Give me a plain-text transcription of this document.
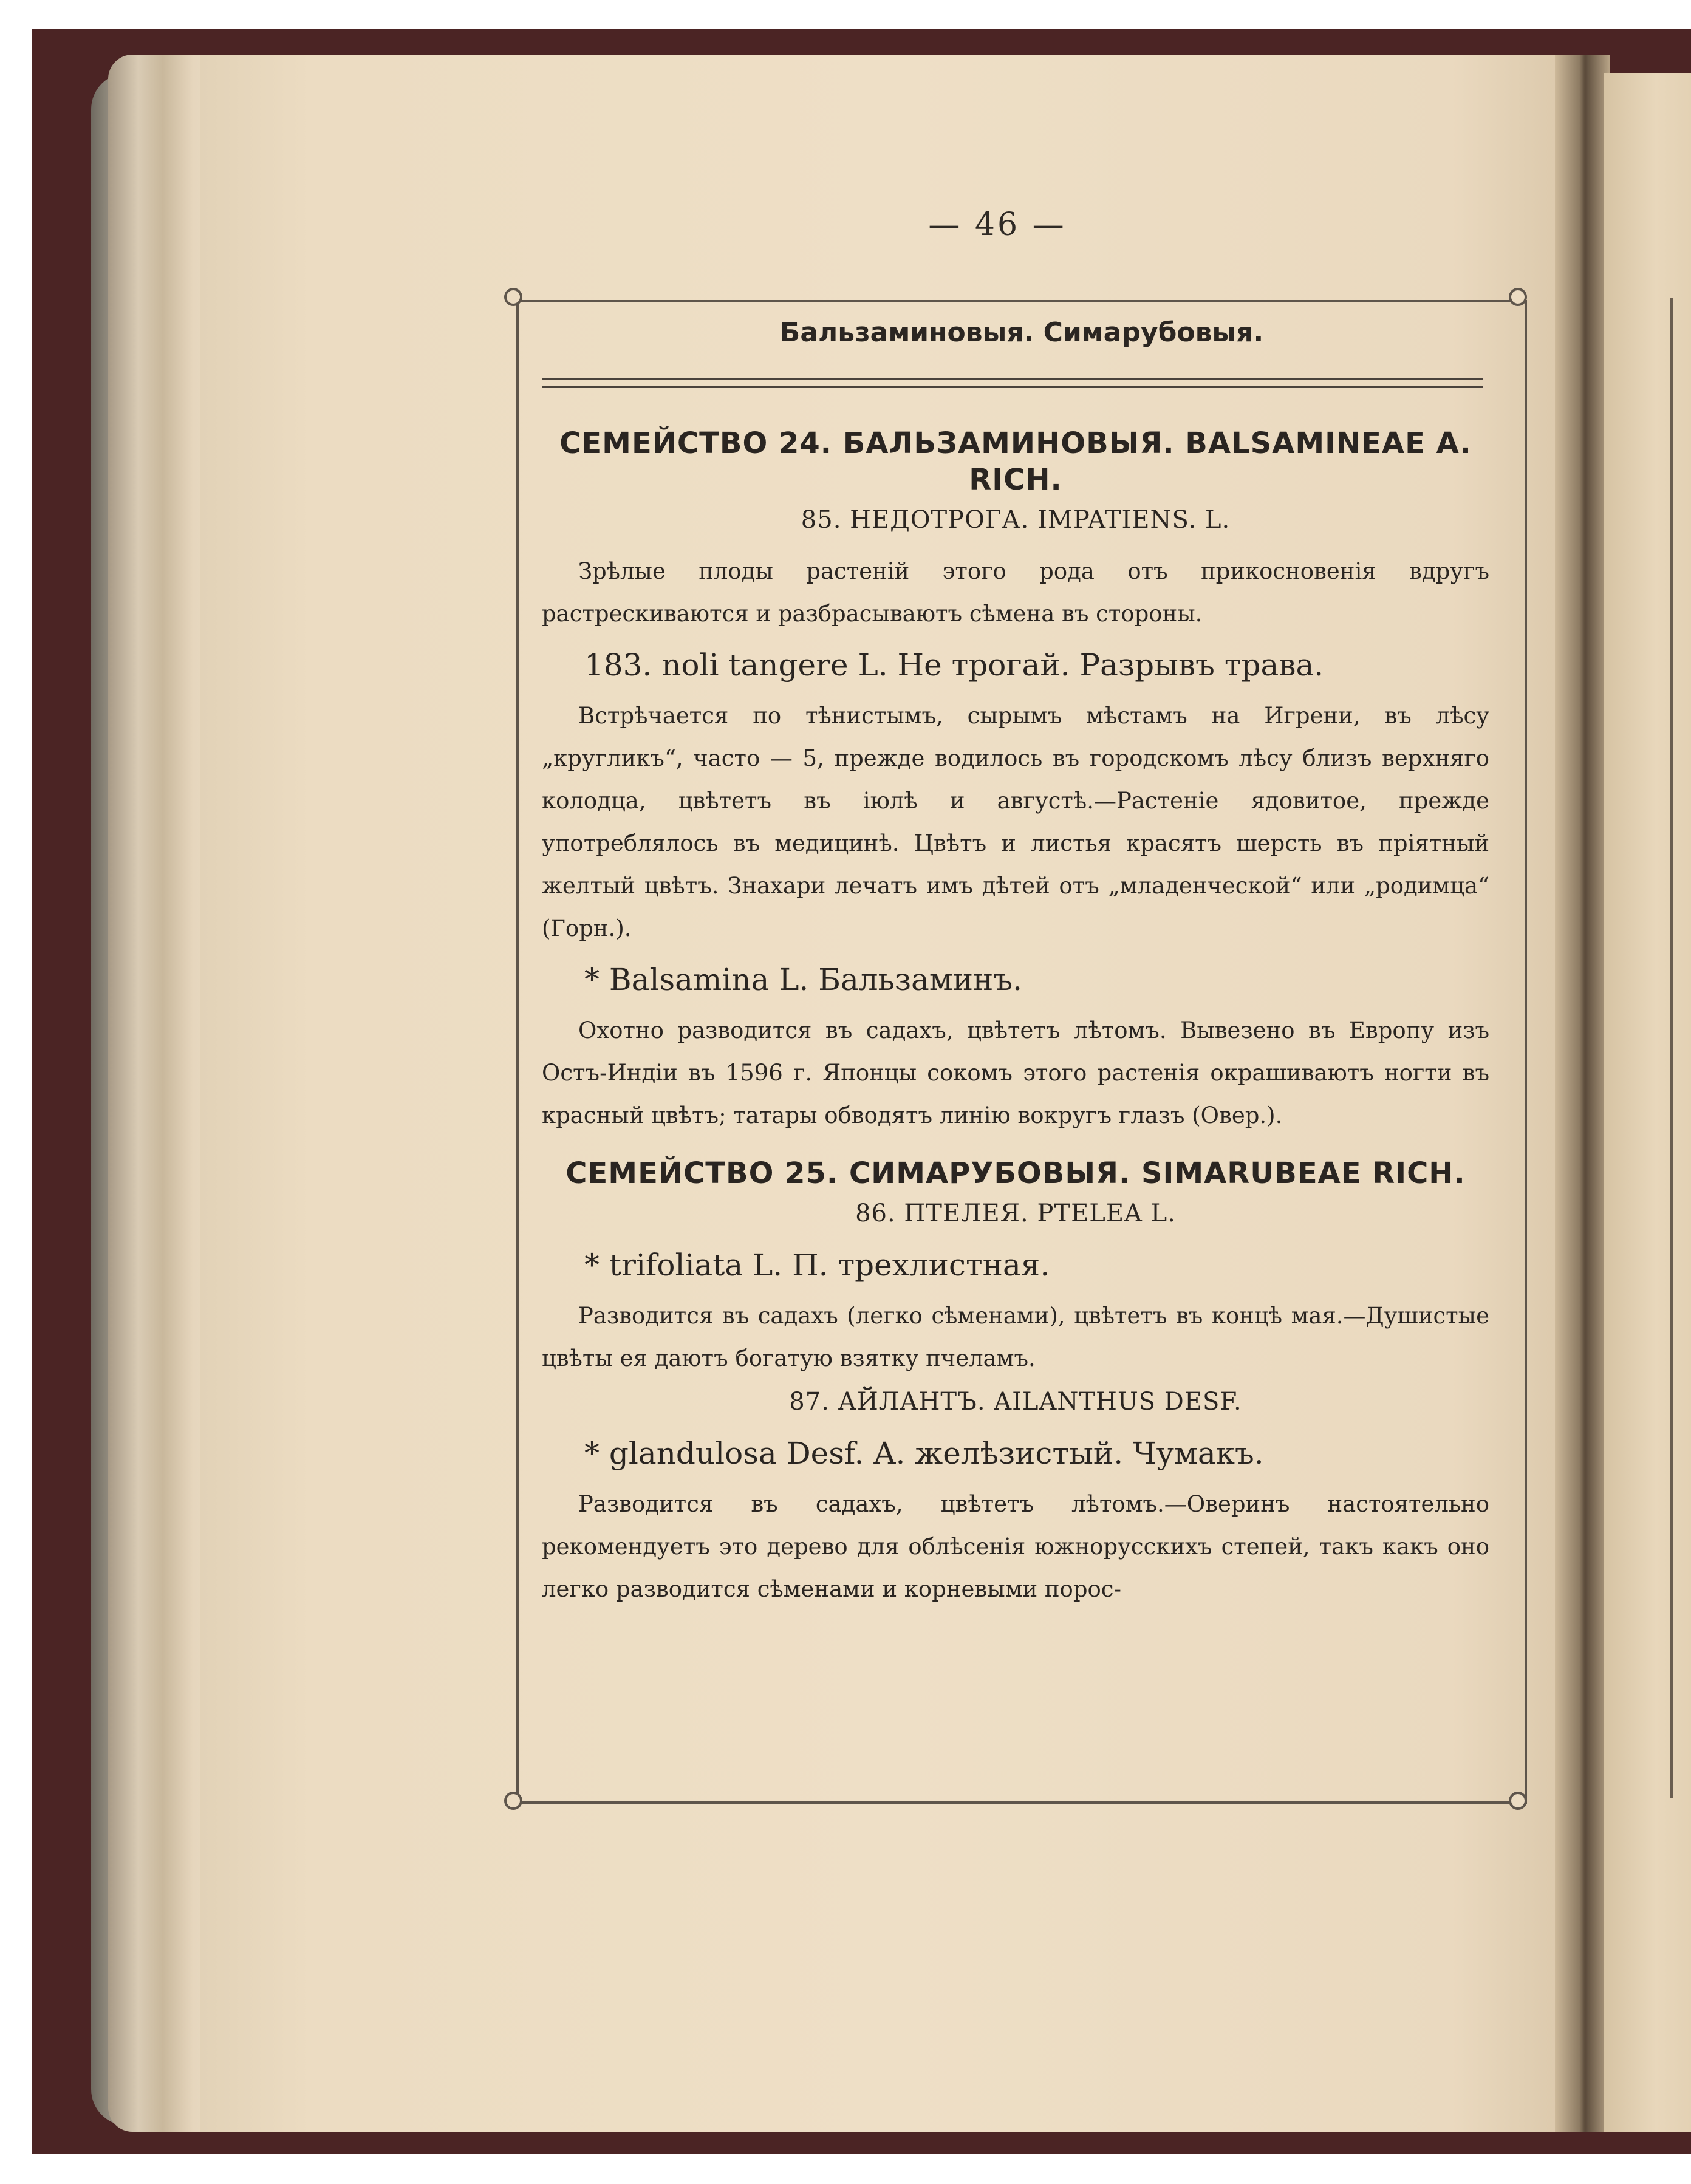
— 46 —
Бальзаминовыя. Симарубовыя.

СЕМЕЙСТВО 24. БАЛЬЗАМИНОВЫЯ. BALSAMINEAE A. RICH.

85. НЕДОТРОГА. IMPATIENS. L.

Зрѣлые плоды растеній этого рода отъ прикосновенія вдругъ растрескиваются и разбрасываютъ сѣмена въ стороны.

183. noli tangere L. Не трогай. Разрывъ трава.

Встрѣчается по тѣнистымъ, сырымъ мѣстамъ на Игрени, въ лѣсу „кругликъ“, часто — 5, прежде водилось въ городскомъ лѣсу близъ верхняго колодца, цвѣтетъ въ іюлѣ и августѣ.—Растеніе ядовитое, прежде употреблялось въ медицинѣ. Цвѣтъ и листья красятъ шерсть въ пріятный желтый цвѣтъ. Знахари лечатъ имъ дѣтей отъ „младенческой“ или „родимца“ (Горн.).

* Balsamina L. Бальзаминъ.

Охотно разводится въ садахъ, цвѣтетъ лѣтомъ. Вывезено въ Европу изъ Остъ-Индіи въ 1596 г. Японцы сокомъ этого растенія окрашиваютъ ногти въ красный цвѣтъ; татары обводятъ линію вокругъ глазъ (Овер.).

СЕМЕЙСТВО 25. СИМАРУБОВЫЯ. SIMARUBEAE RICH.

86. ПТЕЛЕЯ. PTELEA L.

* trifoliata L. П. трехлистная.

Разводится въ садахъ (легко сѣменами), цвѣтетъ въ концѣ мая.—Душистые цвѣты ея даютъ богатую взятку пчеламъ.

87. АЙЛАНТЪ. AILANTHUS DESF.

* glandulosa Desf. A. желѣзистый. Чумакъ.

Разводится въ садахъ, цвѣтетъ лѣтомъ.—Оверинъ настоятельно рекомендуетъ это дерево для облѣсенія южнорусскихъ степей, такъ какъ оно легко разводится сѣменами и корневыми порос-
